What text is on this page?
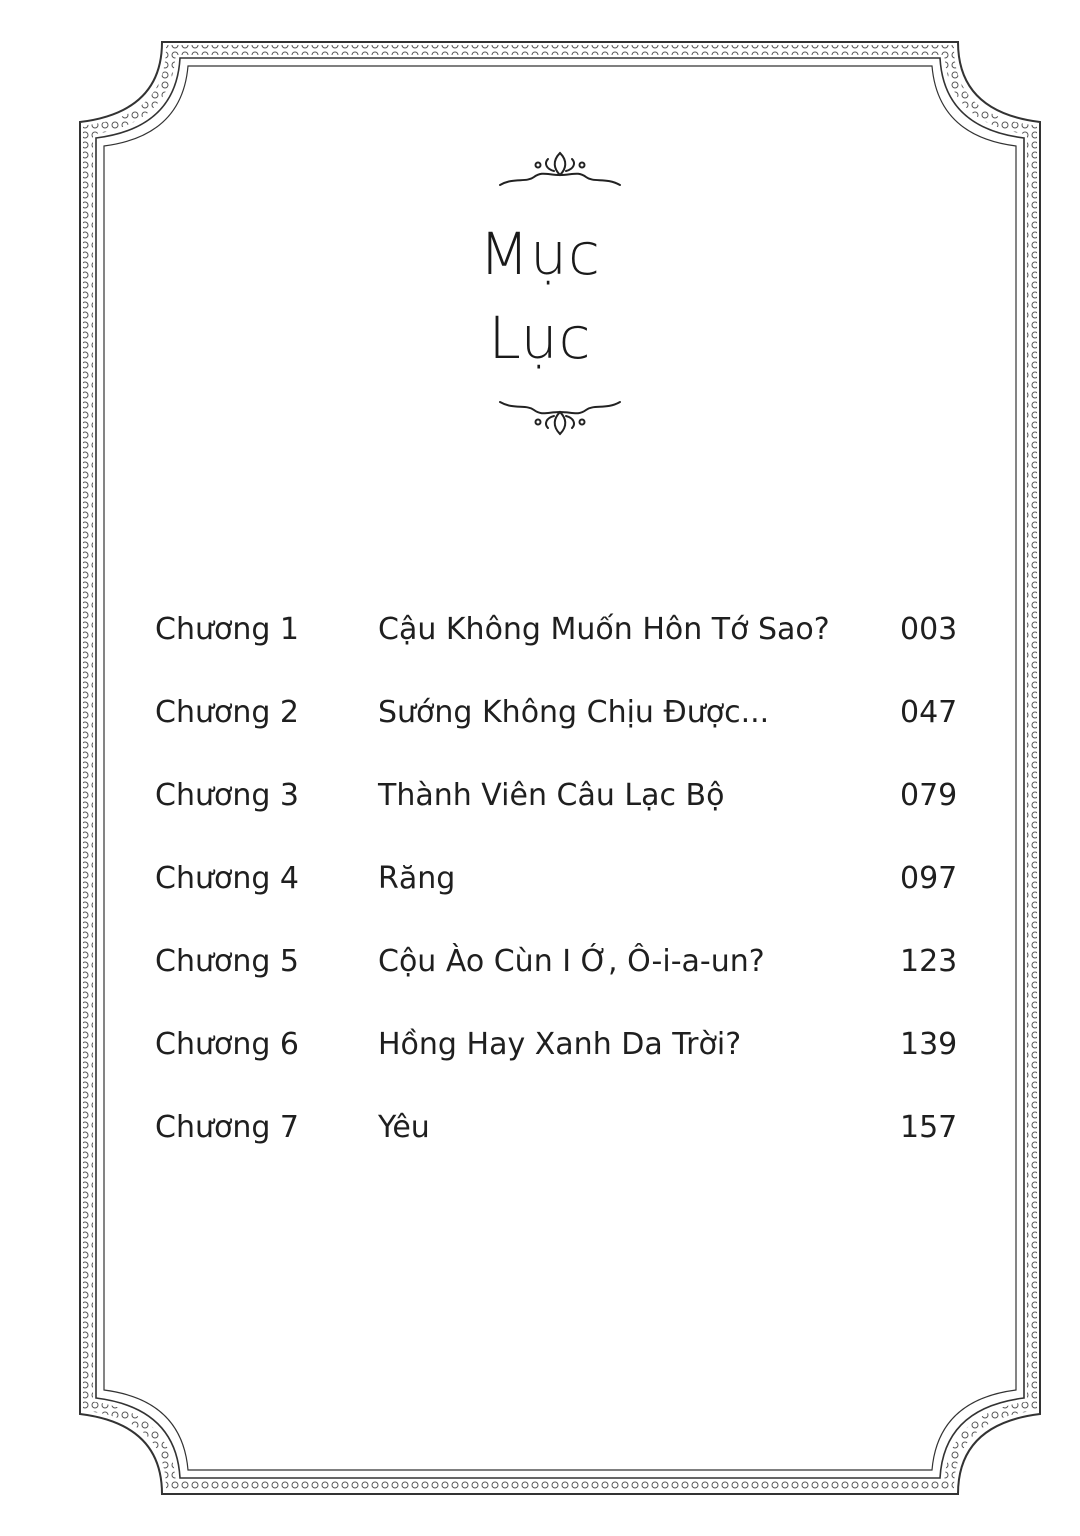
Mục
Lục
Chương 1	Cậu Không Muốn Hôn Tớ Sao? 003
Chương 2	Sướng Không Chịu Được...	047
Chương 3	Thành Viên Câu Lạc Bộ	079
Chương 4	Răng	097
Chương 5	Cộu Ào Cùn I Ớ, Ô-i-a-un?	123
Chương 6	Hồng Hay Xanh Da Trời?	139
Chương 7	Yêu	157
